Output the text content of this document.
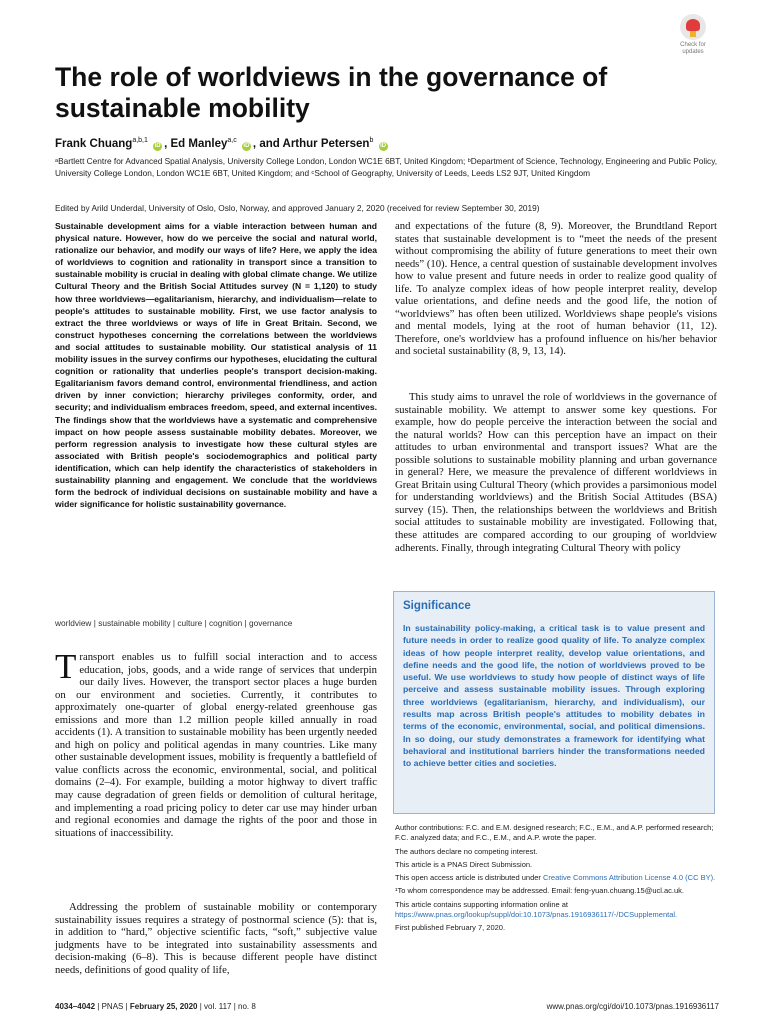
Check for updates
The role of worldviews in the governance of sustainable mobility
Frank Chuang$^{a,b,1}$ iD , Ed Manley$^{a,c}$ iD , and Arthur Petersen$^b$ iD
ᵃBartlett Centre for Advanced Spatial Analysis, University College London, London WC1E 6BT, United Kingdom; ᵇDepartment of Science, Technology, Engineering and Public Policy, University College London, London WC1E 6BT, United Kingdom; and ᶜSchool of Geography, University of Leeds, Leeds LS2 9JT, United Kingdom
Edited by Arild Underdal, University of Oslo, Oslo, Norway, and approved January 2, 2020 (received for review September 30, 2019)

Sustainable development aims for a viable interaction between human and physical nature. However, how do we perceive the social and natural world, rationalize our behavior, and modify our ways of life? Here, we apply the idea of worldviews to cognition and rationality in transport since a transition to sustainable mobility is crucial in dealing with global climate change. We utilize Cultural Theory and the British Social Attitudes survey (N = 1,120) to study how three worldviews—egalitarianism, hierarchy, and individualism—relate to people's attitudes to sustainable mobility. First, we use factor analysis to extract the three worldviews or ways of life in Great Britain. Second, we construct hypotheses concerning the correlations between the worldviews and social attitudes to sustainable mobility. Our statistical analysis of 11 mobility issues in the survey confirms our hypotheses, elucidating the cultural cognition or rationality that underlies people's transport decision-making. Egalitarianism favors demand control, environmental friendliness, and action driven by inner conviction; hierarchy privileges conformity, order, and security; and individualism embraces freedom, speed, and external incentives. The findings show that the worldviews have a systematic and comprehensive impact on how people assess sustainable mobility debates. Moreover, we perform regression analysis to investigate how these cultural styles are associated with British people's sociodemographics and political party identification, which can help identify the characteristics of stakeholders in sustainability planning and engagement. We conclude that the worldviews form the bedrock of individual decisions on sustainable mobility and have a wider significance for holistic sustainability governance.

worldview | sustainable mobility | culture | cognition | governance

Transport enables us to fulfill social interaction and to access education, jobs, goods, and a wide range of services that underpin our daily lives. However, the transport sector places a huge burden on our environment and societies. Currently, it contributes to approximately one-quarter of global energy-related greenhouse gas emissions and more than 1.2 million people killed annually in road accidents (1). A transition to sustainable mobility has been urgently needed and high on policy and political agendas in many countries. Like many other sustainable development issues, mobility is frequently a battlefield of value conflicts across the economic, environmental, social, and political domains (2–4). For example, building a motor highway to divert traffic may cause degradation of green fields or demolition of cultural heritage, and implementing a road pricing policy to deter car use may hinder urban and regional economies and damage the rights of the poor and those in situations of inaccessibility.

Addressing the problem of sustainable mobility or contemporary sustainability issues requires a strategy of postnormal science (5): that is, in addition to “hard,” objective scientific facts, “soft,” subjective value judgments have to be integrated into sustainability assessments and decision-making (6–8). This is because different people have distinct needs, definitions of good quality of life,

and expectations of the future (8, 9). Moreover, the Brundtland Report states that sustainable development is to “meet the needs of the present without compromising the ability of future generations to meet their own needs” (10). Hence, a central question of sustainable development involves how to value present and future needs in order to realize good quality of life. To analyze complex ideas of how people interpret reality, develop value orientations, and define needs and the good life, the notion of “worldviews” has often been utilized. Worldviews shape people's visions and mental models, lying at the root of human behavior (11, 12). Therefore, one's worldview has a profound influence on his/her behavior and societal sustainability (8, 9, 13, 14).

This study aims to unravel the role of worldviews in the governance of sustainable mobility. We attempt to answer some key questions. For example, how do people perceive the interaction between the social and the natural worlds? How can this perception have an impact on their attitudes to urban environmental and transport issues? What are the possible solutions to sustainable mobility planning and urban governance in general? Here, we measure the prevalence of different worldviews in Great Britain using Cultural Theory (which provides a parsimonious model for understanding worldviews) and the British Social Attitudes (BSA) survey (15). Then, the relationships between the worldviews and British social attitudes to sustainable mobility are investigated. Following that, these attitudes are compared according to our grouping of worldview adherents. Finally, through integrating Cultural Theory with policy

Significance

In sustainability policy-making, a critical task is to value present and future needs in order to realize good quality of life. To analyze complex ideas of how people interpret reality, develop value orientations, and define needs and the good life, the notion of worldviews proved to be useful. We use worldviews to study how people of distinct ways of life perceive and assess sustainable mobility issues. Through exploring three worldviews (egalitarianism, hierarchy, and individualism), our results map across British people's attitudes to mobility debates in terms of the economic, environmental, social, and political dimensions. In so doing, our study demonstrates a framework for identifying what behavioral and institutional barriers hinder the transformations needed to achieve better cities and societies.

Author contributions: F.C. and E.M. designed research; F.C., E.M., and A.P. performed research; F.C. analyzed data; and F.C., E.M., and A.P. wrote the paper.

The authors declare no competing interest.

This article is a PNAS Direct Submission.

This open access article is distributed under Creative Commons Attribution License 4.0 (CC BY).

¹To whom correspondence may be addressed. Email: feng-yuan.chuang.15@ucl.ac.uk.

This article contains supporting information online at https://www.pnas.org/lookup/suppl/doi:10.1073/pnas.1916936117/-/DCSupplemental.

First published February 7, 2020.

4034–4042 | PNAS | February 25, 2020 | vol. 117 | no. 8	www.pnas.org/cgi/doi/10.1073/pnas.1916936117
